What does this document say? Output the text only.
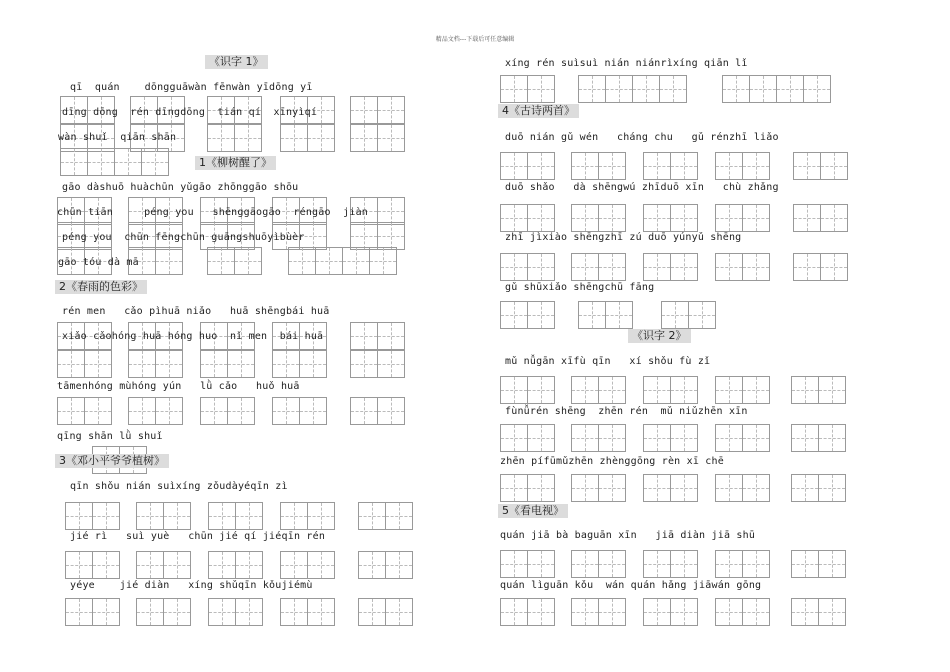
精品文档---下载后可任意编辑
《识字 1》
qī  quán    dōngguāwàn fēnwàn yīdōng yī
dīng dōng  rén dīngdōng  tián qí  xīnyìqí
wàn shuǐ  qiān shān
1《柳树醒了》
gāo dàshuō huàchūn yǔgāo zhōnggāo shōu
chūn tiān     péng you   shēnggāogāo  réngāo  jiàn
péng you  chūn fēngchūn guāngshuōyìbùèr
gāo tóu dà mā
2《春雨的色彩》
rén men   cǎo pìhuā niǎo   huā shēngbái huā
xiǎo cǎohóng huā hóng huo  nǐ men  bái huā
tāmenhóng mùhóng yún   lǜ cǎo   huǒ huā
qīng shān lǜ shuǐ
3《邓小平爷爷植树》
qīn shǒu nián suìxíng zǒudàyéqīn zì
jié rì   suì yuè   chūn jié qí jiéqīn rén
yéye    jié diàn   xíng shǔqīn kǒujiémù
xíng rén suìsuì nián niánrìxíng qiān lǐ
4《古诗两首》
duō nián gǔ wén   cháng chu   gǔ rénzhī liǎo
duō shǎo   dà shēngwú zhīduō xīn   chù zhǎng
zhī jìxiào shēngzhī zú duō yúnyǔ shēng
gǔ shūxiǎo shēngchū fāng
《识字 2》
mǔ nǚgān xīfù qīn   xí shǒu fù zǐ
fùnǚrén shēng  zhēn rén  mǔ niǔzhēn xīn
zhēn pífūmǔzhēn zhènggōng rèn xī chē
5《看电视》
quán jiā bà baguān xīn   jiā diàn jiā shū
quán lìguān kǒu  wán quán hǎng jiāwán gōng
